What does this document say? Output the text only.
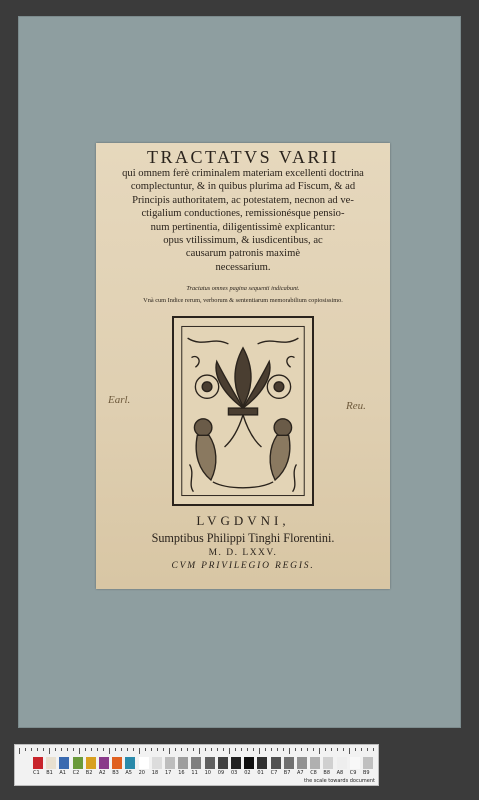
TRACTATVS VARII
qui omnem ferè criminalem materiam excellenti doctrina
complectuntur, & in quibus plurima ad Fiscum, & ad
Principis authoritatem, ac potestatem, necnon ad ve-
ctigalium conductiones, remissionésque pensio-
num pertinentia, diligentissimè explicantur:
opus vtilissimum, & iusdicentibus, ac
causarum patronis maximè
necessarium.
Tractatus omnes pagina sequenti indicabunt.
Vnà cum Indice rerum, verborum & sententiarum memorabilium copiosissimo.
LVGDVNI,
Sumptibus Philippi Tinghi Florentini.
M. D. LXXV.
CVM PRIVILEGIO REGIS.
Earl.	Reu.
C1 B1 A1 C2 B2 A2 B3 A5 20 18 17 16 11 10 09 03 02 01 C7 B7 A7 C8 B8 A8 C9 B9
the scale towards document
